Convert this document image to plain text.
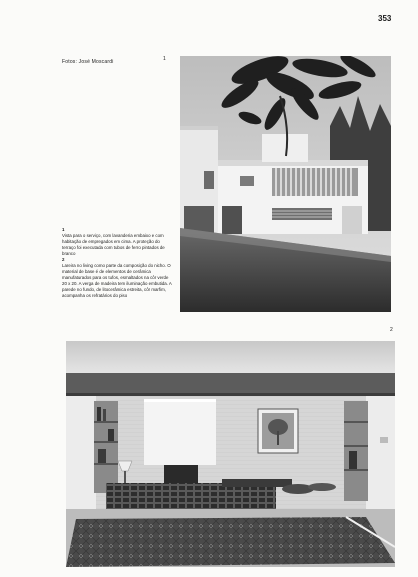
353
Fotos: José Moscardi	1
2

1

Vista para o serviço, com lavanderia embaixo e com habitação de empregados em cima. A proteção do terraço foi executada com tubos de ferro pintados de branco

2

Lareira no living como parte da composição do nicho. O material de base é de elementos de cerâmica manufaturados para os tufos, esmaltados na côr verde 20 x 20. A verga de madeira tem iluminação embutida. A parede no fundo, de litocerâmica estreita, côr marfim, acompanha os refratários do piso
